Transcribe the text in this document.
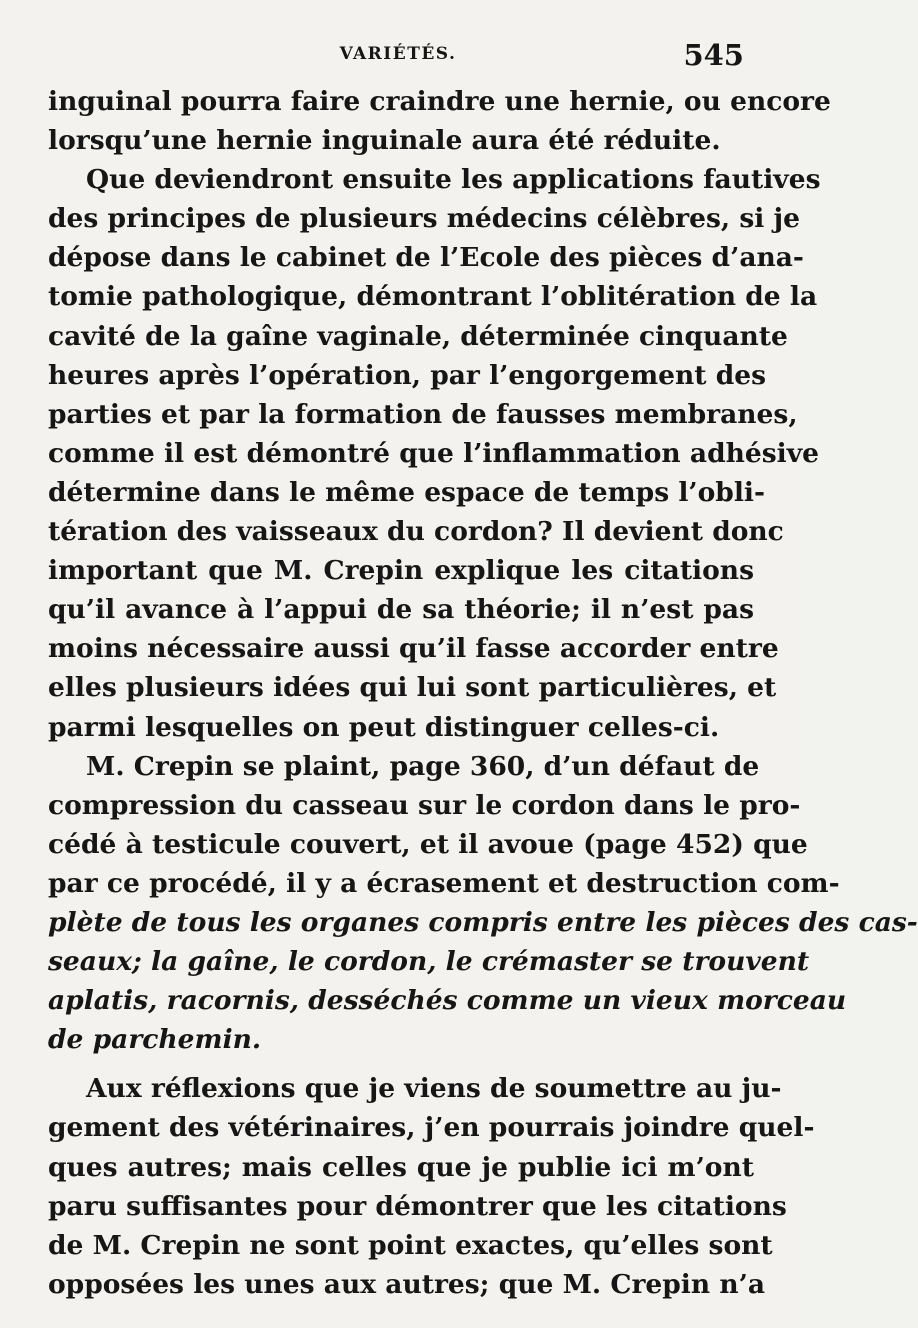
VARIÉTÉS.	545
inguinal pourra faire craindre une hernie, ou encore
lorsqu’une hernie inguinale aura été réduite.
Que deviendront ensuite les applications fautives
des principes de plusieurs médecins célèbres, si je
dépose dans le cabinet de l’Ecole des pièces d’ana-
tomie pathologique, démontrant l’oblitération de la
cavité de la gaîne vaginale, déterminée cinquante
heures après l’opération, par l’engorgement des
parties et par la formation de fausses membranes,
comme il est démontré que l’inflammation adhésive
détermine dans le même espace de temps l’obli-
tération des vaisseaux du cordon? Il devient donc
important que M. Crepin explique les citations
qu’il avance à l’appui de sa théorie; il n’est pas
moins nécessaire aussi qu’il fasse accorder entre
elles plusieurs idées qui lui sont particulières, et
parmi lesquelles on peut distinguer celles-ci.
M. Crepin se plaint, page 360, d’un défaut de
compression du casseau sur le cordon dans le pro-
cédé à testicule couvert, et il avoue (page 452) que
par ce procédé, il y a écrasement et destruction com-
plète de tous les organes compris entre les pièces des cas-
seaux; la gaîne, le cordon, le crémaster se trouvent
aplatis, racornis, desséchés comme un vieux morceau
de parchemin.
Aux réflexions que je viens de soumettre au ju-
gement des vétérinaires, j’en pourrais joindre quel-
ques autres; mais celles que je publie ici m’ont
paru suffisantes pour démontrer que les citations
de M. Crepin ne sont point exactes, qu’elles sont
opposées les unes aux autres; que M. Crepin n’a
